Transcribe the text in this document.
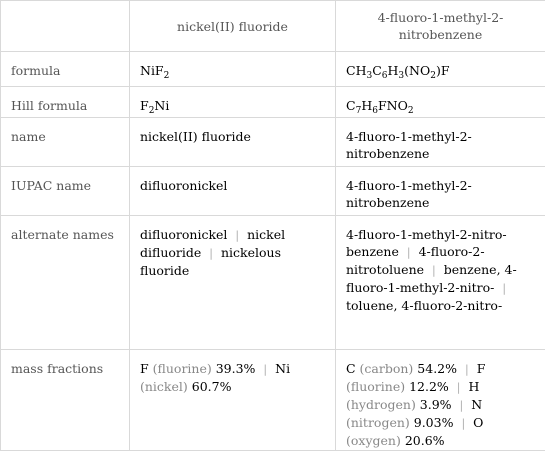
	nickel(II) fluoride	4-fluoro-1-methyl-2-nitrobenzene
formula	NiF$_2$	$CH_3C_6H_3(NO_2)F$
Hill formula	$F_2Ni$	$C_7H_6FNO_2$
name	nickel(II) fluoride	4-fluoro-1-methyl-2-nitrobenzene
IUPAC name	difluoronickel	4-fluoro-1-methyl-2-nitrobenzene
alternate names	difluoronickel | nickel difluoride | nickelous fluoride	4-fluoro-1-methyl-2-nitro-benzene | 4-fluoro-2-nitrotoluene | benzene, 4-fluoro-1-methyl-2-nitro- | toluene, 4-fluoro-2-nitro-
mass fractions	F (fluorine) 39.3% | Ni (nickel) 60.7%	C (carbon) 54.2% | F (fluorine) 12.2% | H (hydrogen) 3.9% | N (nitrogen) 9.03% | O (oxygen) 20.6%
